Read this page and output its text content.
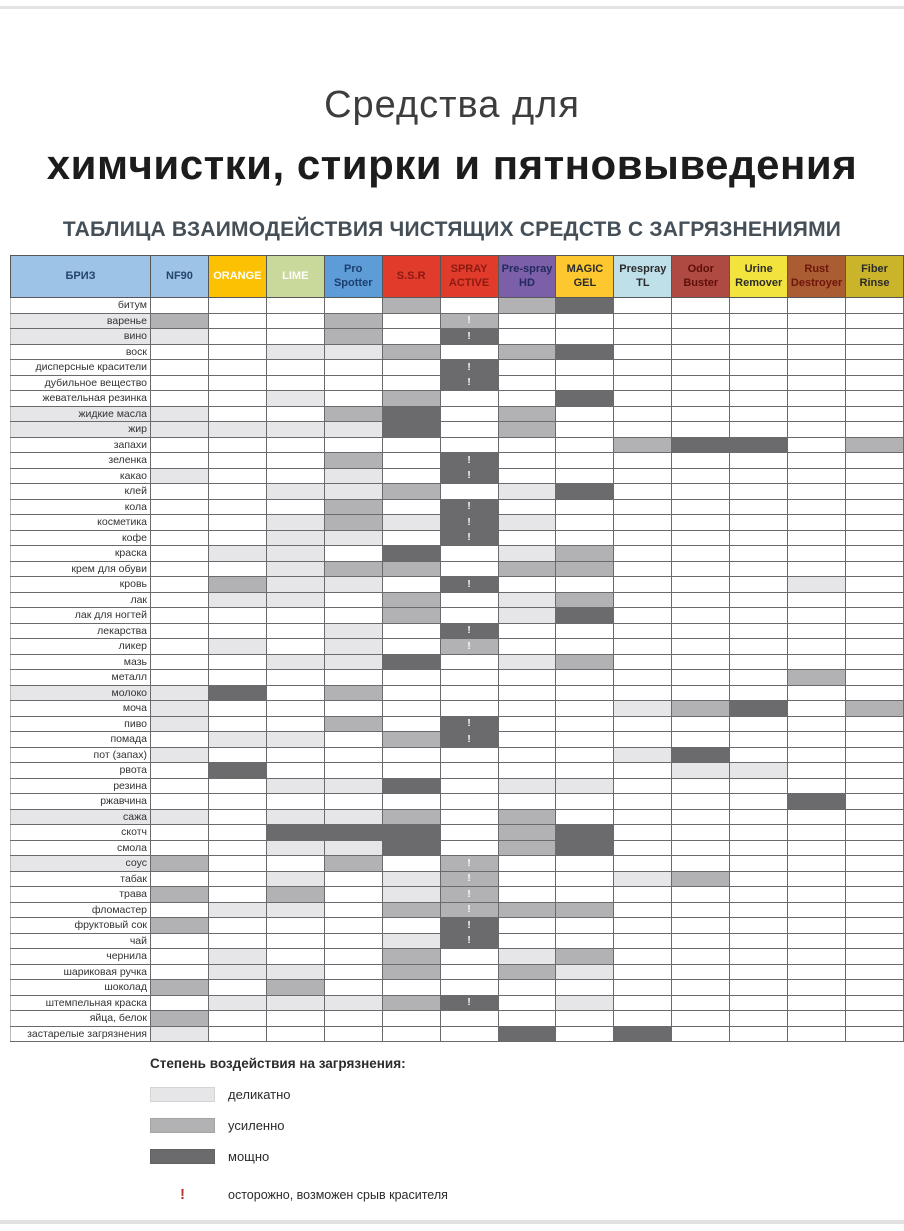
Средства для
химчистки, стирки и пятновыведения
ТАБЛИЦА ВЗАИМОДЕЙСТВИЯ ЧИСТЯЩИХ СРЕДСТВ С ЗАГРЯЗНЕНИЯМИ
БРИЗ	NF90	ORANGE	LIME	Pro Spotter	S.S.R	SPRAY ACTIVE	Pre-spray HD	MAGIC GEL	Prespray TL	Odor Buster	Urine Remover	Rust Destroyer	Fiber Rinse

битум													

варенье						!							

вино						!							

воск													

дисперсные красители						!							

дубильное вещество						!							

жевательная резинка													

жидкие масла													

жир													

запахи													

зеленка						!							

какао						!							

клей													

кола						!							

косметика						!							

кофе						!							

краска													

крем для обуви													

кровь						!							

лак													

лак для ногтей													

лекарства						!							

ликер						!							

мазь													

металл													

молоко													

моча													

пиво						!							

помада						!							

пот (запах)													

рвота													

резина													

ржавчина													

сажа													

скотч													

смола													

соус						!							

табак						!							

трава						!							

фломастер						!							

фруктовый сок						!							

чай						!							

чернила													

шариковая ручка													

шоколад													

штемпельная краска						!							

яйца, белок													

застарелые загрязнения													

Степень воздействия на загрязнения:
деликатно
усиленно
мощно
!	осторожно, возможен срыв красителя
